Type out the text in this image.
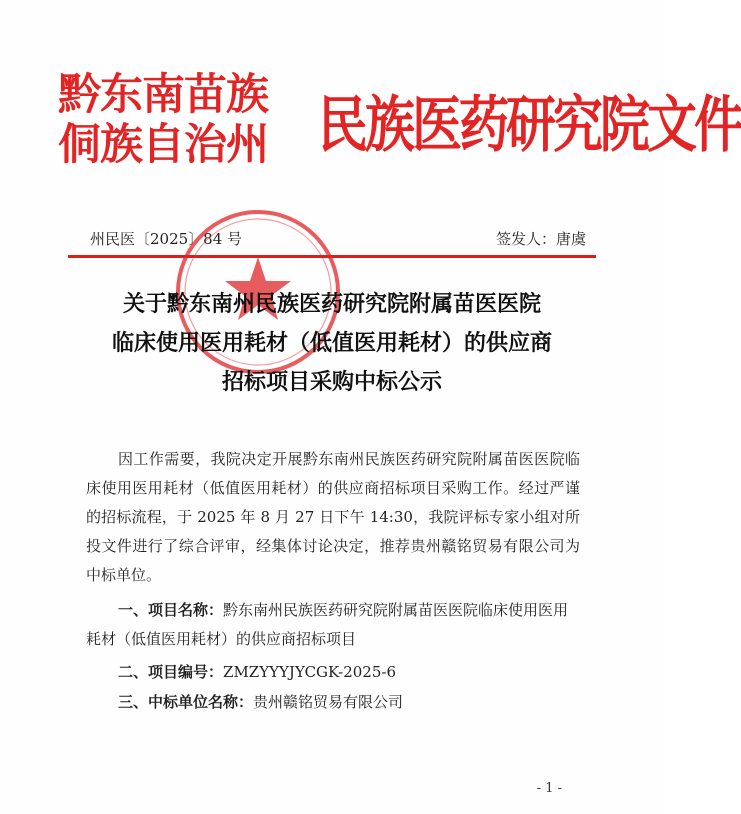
黔东南苗族
侗族自治州	民族医药研究院文件
州民医〔2025〕84 号	签发人：唐虞
关于黔东南州民族医药研究院附属苗医医院
临床使用医用耗材（低值医用耗材）的供应商
招标项目采购中标公示
因工作需要，我院决定开展黔东南州民族医药研究院附属苗医医院临床使用医用耗材（低值医用耗材）的供应商招标项目采购工作。经过严谨的招标流程，于 2025 年 8 月 27 日下午 14:30，我院评标专家小组对所投文件进行了综合评审，经集体讨论决定，推荐贵州赣铭贸易有限公司为中标单位。
一、项目名称：黔东南州民族医药研究院附属苗医医院临床使用医用耗材（低值医用耗材）的供应商招标项目
二、项目编号：ZMZYYYJYCGK-2025-6
三、中标单位名称：贵州赣铭贸易有限公司
- 1 -
